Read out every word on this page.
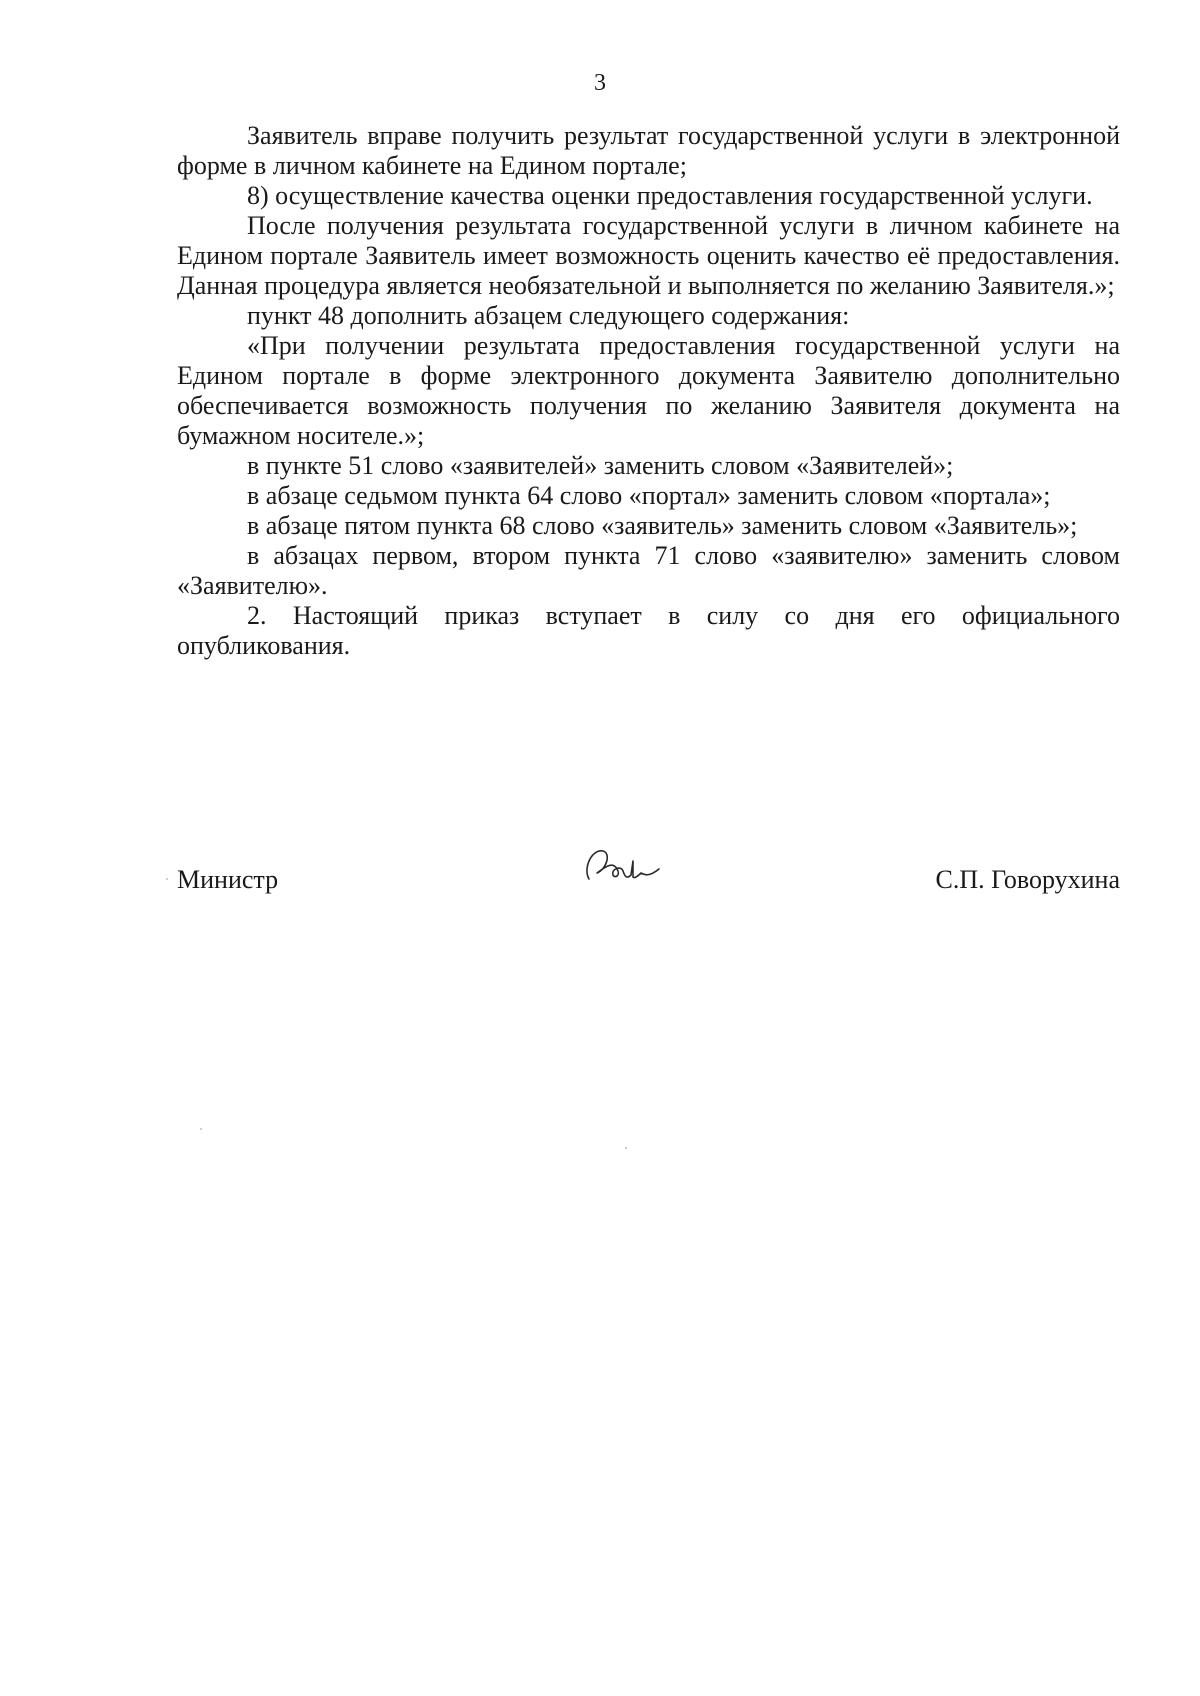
3

Заявитель вправе получить результат государственной услуги в электронной форме в личном кабинете на Едином портале;

8) осуществление качества оценки предоставления государственной услуги.

После получения результата государственной услуги в личном кабинете на Едином портале Заявитель имеет возможность оценить качество её предоставления. Данная процедура является необязательной и выполняется по желанию Заявителя.»;

пункт 48 дополнить абзацем следующего содержания:

«При получении результата предоставления государственной услуги на Едином портале в форме электронного документа Заявителю дополнительно обеспечивается возможность получения по желанию Заявителя документа на бумажном носителе.»;

в пункте 51 слово «заявителей» заменить словом «Заявителей»;

в абзаце седьмом пункта 64 слово «портал» заменить словом «портала»;

в абзаце пятом пункта 68 слово «заявитель» заменить словом «Заявитель»;

в абзацах первом, втором пункта 71 слово «заявителю» заменить словом «Заявителю».

2. Настоящий приказ вступает в силу со дня его официального опубликования.

Министр	С.П. Говорухина
